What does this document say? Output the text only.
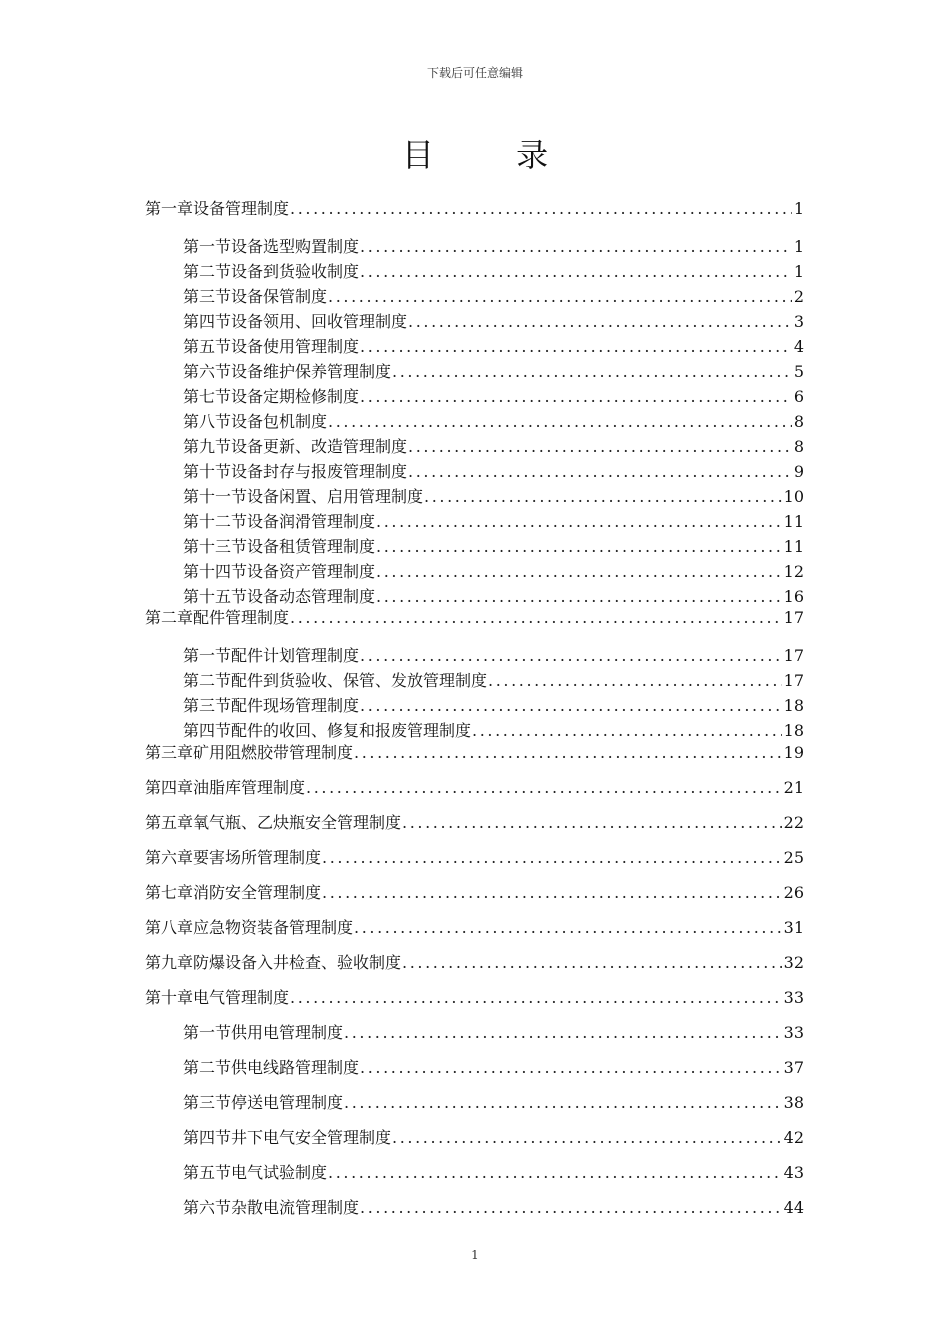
下载后可任意编辑
目 录
第一章 设备管理制度 .....	1
第一节 设备选型购置制度 .....	1
第二节 设备到货验收制度 .....	1
第三节 设备保管制度 .....	2
第四节 设备领用、回收管理制度 .....	3
第五节 设备使用管理制度 .....	4
第六节 设备维护保养管理制度 .....	5
第七节 设备定期检修制度 .....	6
第八节 设备包机制度 .....	8
第九节 设备更新、改造管理制度 .....	8
第十节 设备封存与报废管理制度 .....	9
第十一节 设备闲置、启用管理制度 .....	10
第十二节 设备润滑管理制度 .....	11
第十三节 设备租赁管理制度 .....	11
第十四节 设备资产管理制度 .....	12
第十五节 设备动态管理制度 .....	16
第二章 配件管理制度 .....	17
第一节 配件计划管理制度 .....	17
第二节 配件到货验收、保管、发放管理制度 .....	17
第三节 配件现场管理制度 .....	18
第四节 配件的收回、修复和报废管理制度 .....	18
第三章 矿用阻燃胶带管理制度 .....	19
第四章 油脂库管理制度 .....	21
第五章 氧气瓶、乙炔瓶安全管理制度 .....	22
第六章 要害场所管理制度 .....	25
第七章 消防安全管理制度 .....	26
第八章 应急物资装备管理制度 .....	31
第九章 防爆设备入井检查、验收制度 .....	32
第十章 电气管理制度 .....	33
第一节 供用电管理制度 .....	33
第二节 供电线路管理制度 .....	37
第三节 停送电管理制度 .....	38
第四节 井下电气安全管理制度 .....	42
第五节 电气试验制度 .....	43
第六节 杂散电流管理制度 .....	44
1
